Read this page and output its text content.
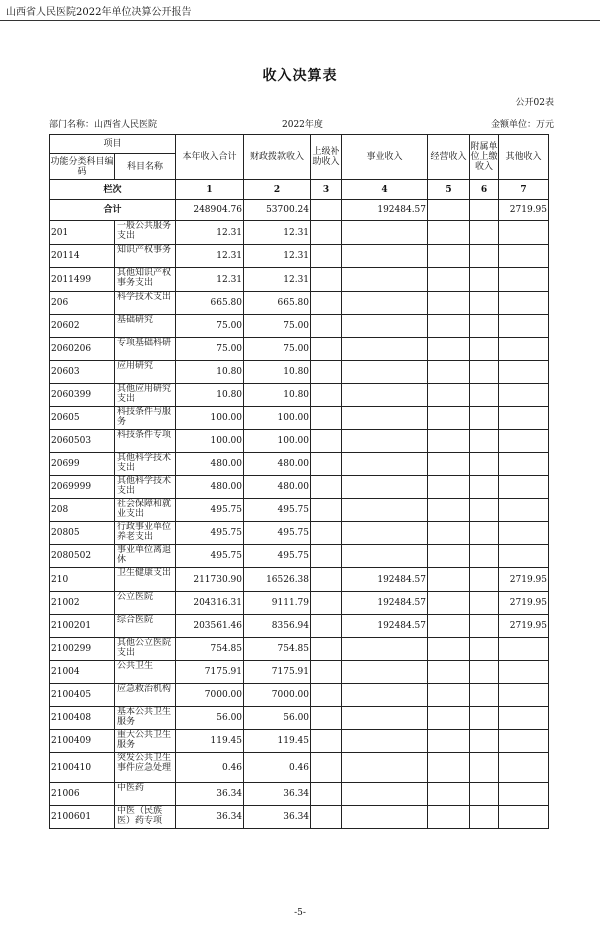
山西省人民医院2022年单位决算公开报告
收入决算表
公开02表
部门名称：山西省人民医院	2022年度	金额单位：万元
项目		本年收入合计	财政拨款收入	上级补助收入	事业收入	经营收入	附属单位上缴收入	其他收入
功能分类科目编码	科目名称							
栏次		1	2	3	4	5	6	7
合计		248904.76	53700.24		192484.57			2719.95
201	一般公共服务支出	12.31	12.31					
20114	知识产权事务	12.31	12.31					
2011499	其他知识产权事务支出	12.31	12.31					
206	科学技术支出	665.80	665.80					
20602	基础研究	75.00	75.00					
2060206	专项基础科研	75.00	75.00					
20603	应用研究	10.80	10.80					
2060399	其他应用研究支出	10.80	10.80					
20605	科技条件与服务	100.00	100.00					
2060503	科技条件专项	100.00	100.00					
20699	其他科学技术支出	480.00	480.00					
2069999	其他科学技术支出	480.00	480.00					
208	社会保障和就业支出	495.75	495.75					
20805	行政事业单位养老支出	495.75	495.75					
2080502	事业单位离退休	495.75	495.75					
210	卫生健康支出	211730.90	16526.38		192484.57			2719.95
21002	公立医院	204316.31	9111.79		192484.57			2719.95
2100201	综合医院	203561.46	8356.94		192484.57			2719.95
2100299	其他公立医院支出	754.85	754.85					
21004	公共卫生	7175.91	7175.91					
2100405	应急救治机构	7000.00	7000.00					
2100408	基本公共卫生服务	56.00	56.00					
2100409	重大公共卫生服务	119.45	119.45					
2100410	突发公共卫生事件应急处理	0.46	0.46					
21006	中医药	36.34	36.34					
2100601	中医（民族医）药专项	36.34	36.34					
-5-
